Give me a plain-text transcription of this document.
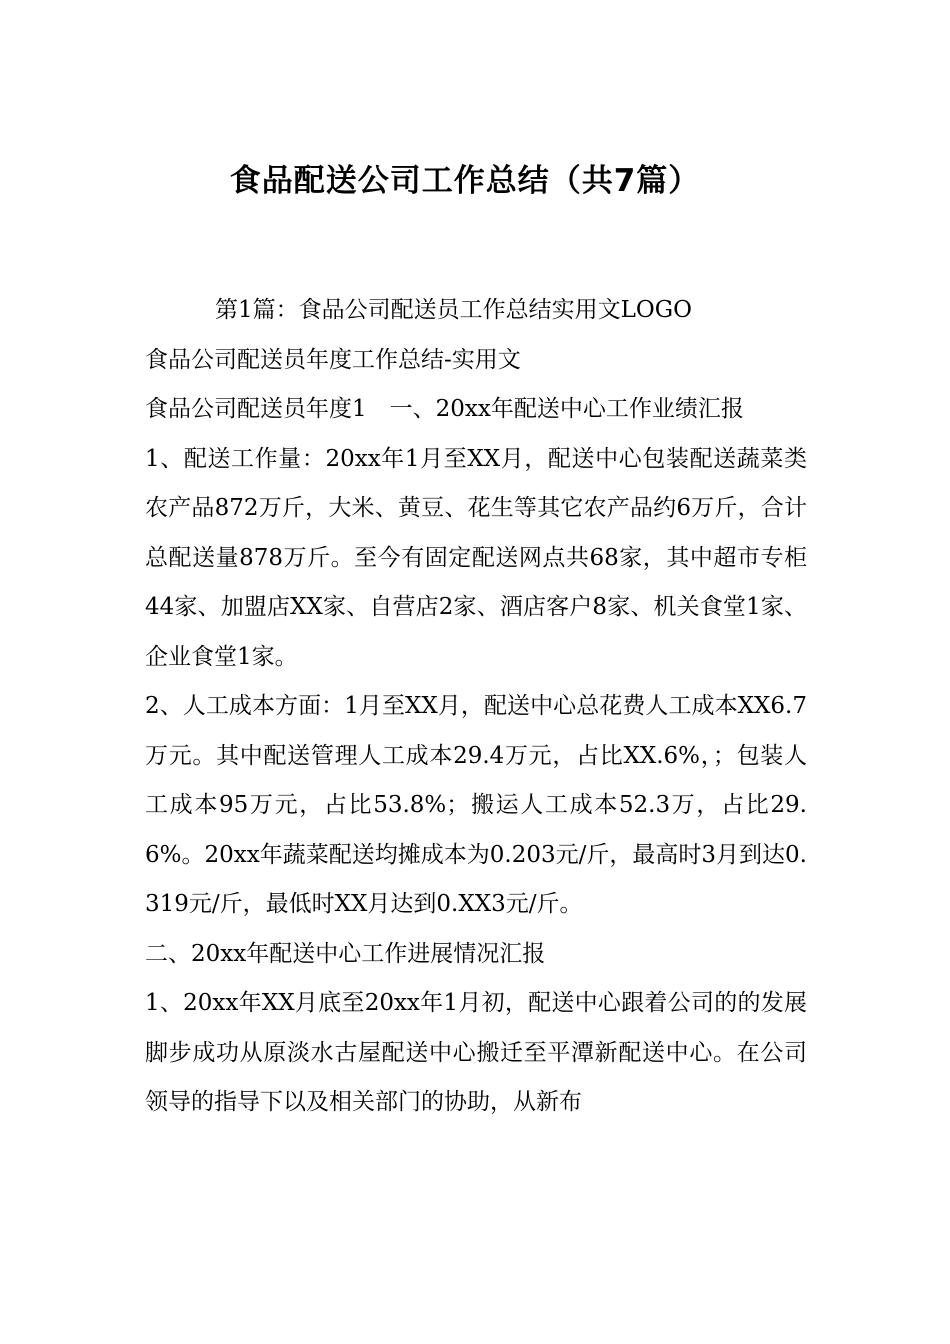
食品配送公司工作总结（共7篇）

第1篇：食品公司配送员工作总结实用文LOGO

食品公司配送员年度工作总结-实用文

食品公司配送员年度1　一、20xx年配送中心工作业绩汇报

1、配送工作量：20xx年1月至XX月，配送中心包装配送蔬菜类农产品872万斤，大米、黄豆、花生等其它农产品约6万斤，合计总配送量878万斤。至今有固定配送网点共68家，其中超市专柜44家、加盟店XX家、自营店2家、酒店客户8家、机关食堂1家、企业食堂1家。

2、人工成本方面：1月至XX月，配送中心总花费人工成本XX6.7万元。其中配送管理人工成本29.4万元，占比XX.6%，；包装人工成本95万元，占比53.8%；搬运人工成本52.3万，占比29.6%。20xx年蔬菜配送均摊成本为0.203元/斤，最高时3月到达0.319元/斤，最低时XX月达到0.XX3元/斤。

二、20xx年配送中心工作进展情况汇报

1、20xx年XX月底至20xx年1月初，配送中心跟着公司的的发展脚步成功从原淡水古屋配送中心搬迁至平潭新配送中心。在公司领导的指导下以及相关部门的协助，从新布
